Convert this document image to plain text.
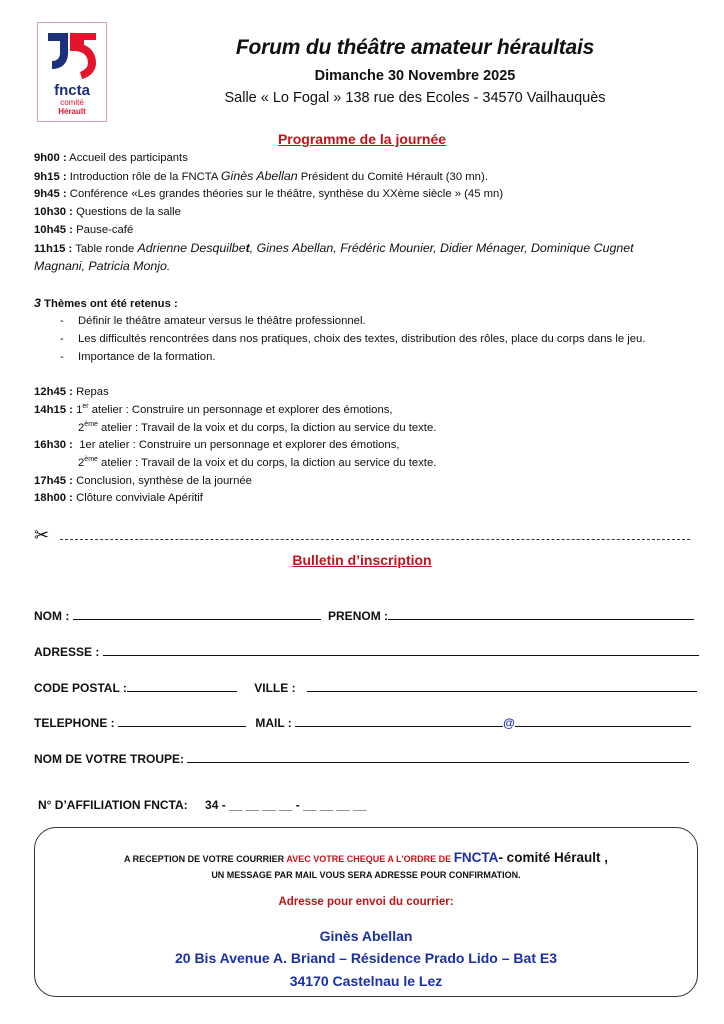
fncta
comité
Hérault
Forum du théâtre amateur héraultais
Dimanche 30 Novembre 2025
Salle « Lo Fogal » 138 rue des Ecoles - 34570 Vailhauquès
Programme de la journée
9h00 : Accueil des participants
9h15 : Introduction rôle de la FNCTA Ginès Abellan Président du Comité Hérault (30 mn).
9h45 : Conférence «Les grandes théories sur le théâtre, synthèse du XXème siècle » (45 mn)
10h30 : Questions de la salle
10h45 : Pause-café
11h15 : Table ronde Adrienne Desquilbet, Gines Abellan, Frédéric Mounier, Didier Ménager, Dominique Cugnet
Magnani, Patricia Monjo.
3 Thèmes ont été retenus :
- Définir le théâtre amateur versus le théâtre professionnel.
- Les difficultés rencontrées dans nos pratiques, choix des textes, distribution des rôles, place du corps dans le jeu.
- Importance de la formation.
12h45 : Repas
14h15 : 1er atelier : Construire un personnage et explorer des émotions,
2ème atelier : Travail de la voix et du corps, la diction au service du texte.
16h30 :  1er atelier : Construire un personnage et explorer des émotions,
2ème atelier : Travail de la voix et du corps, la diction au service du texte.
17h45 : Conclusion, synthèse de la journée
18h00 : Clôture conviviale Apéritif
✂
Bulletin d’inscription
NOM :	PRENOM :
ADRESSE :
CODE POSTAL :	VILLE :
TELEPHONE :	MAIL :	@
NOM DE VOTRE TROUPE:
N° D’AFFILIATION FNCTA: 34 - __ __ __ __ - __ __ __ __
A RECEPTION DE VOTRE COURRIER AVEC VOTRE CHEQUE A L'ORDRE DE FNCTA- comité Hérault ,
UN MESSAGE PAR MAIL VOUS SERA ADRESSE POUR CONFIRMATION.
Adresse pour envoi du courrier:
Ginès Abellan
20 Bis Avenue A. Briand – Résidence Prado Lido – Bat E3
34170 Castelnau le Lez
